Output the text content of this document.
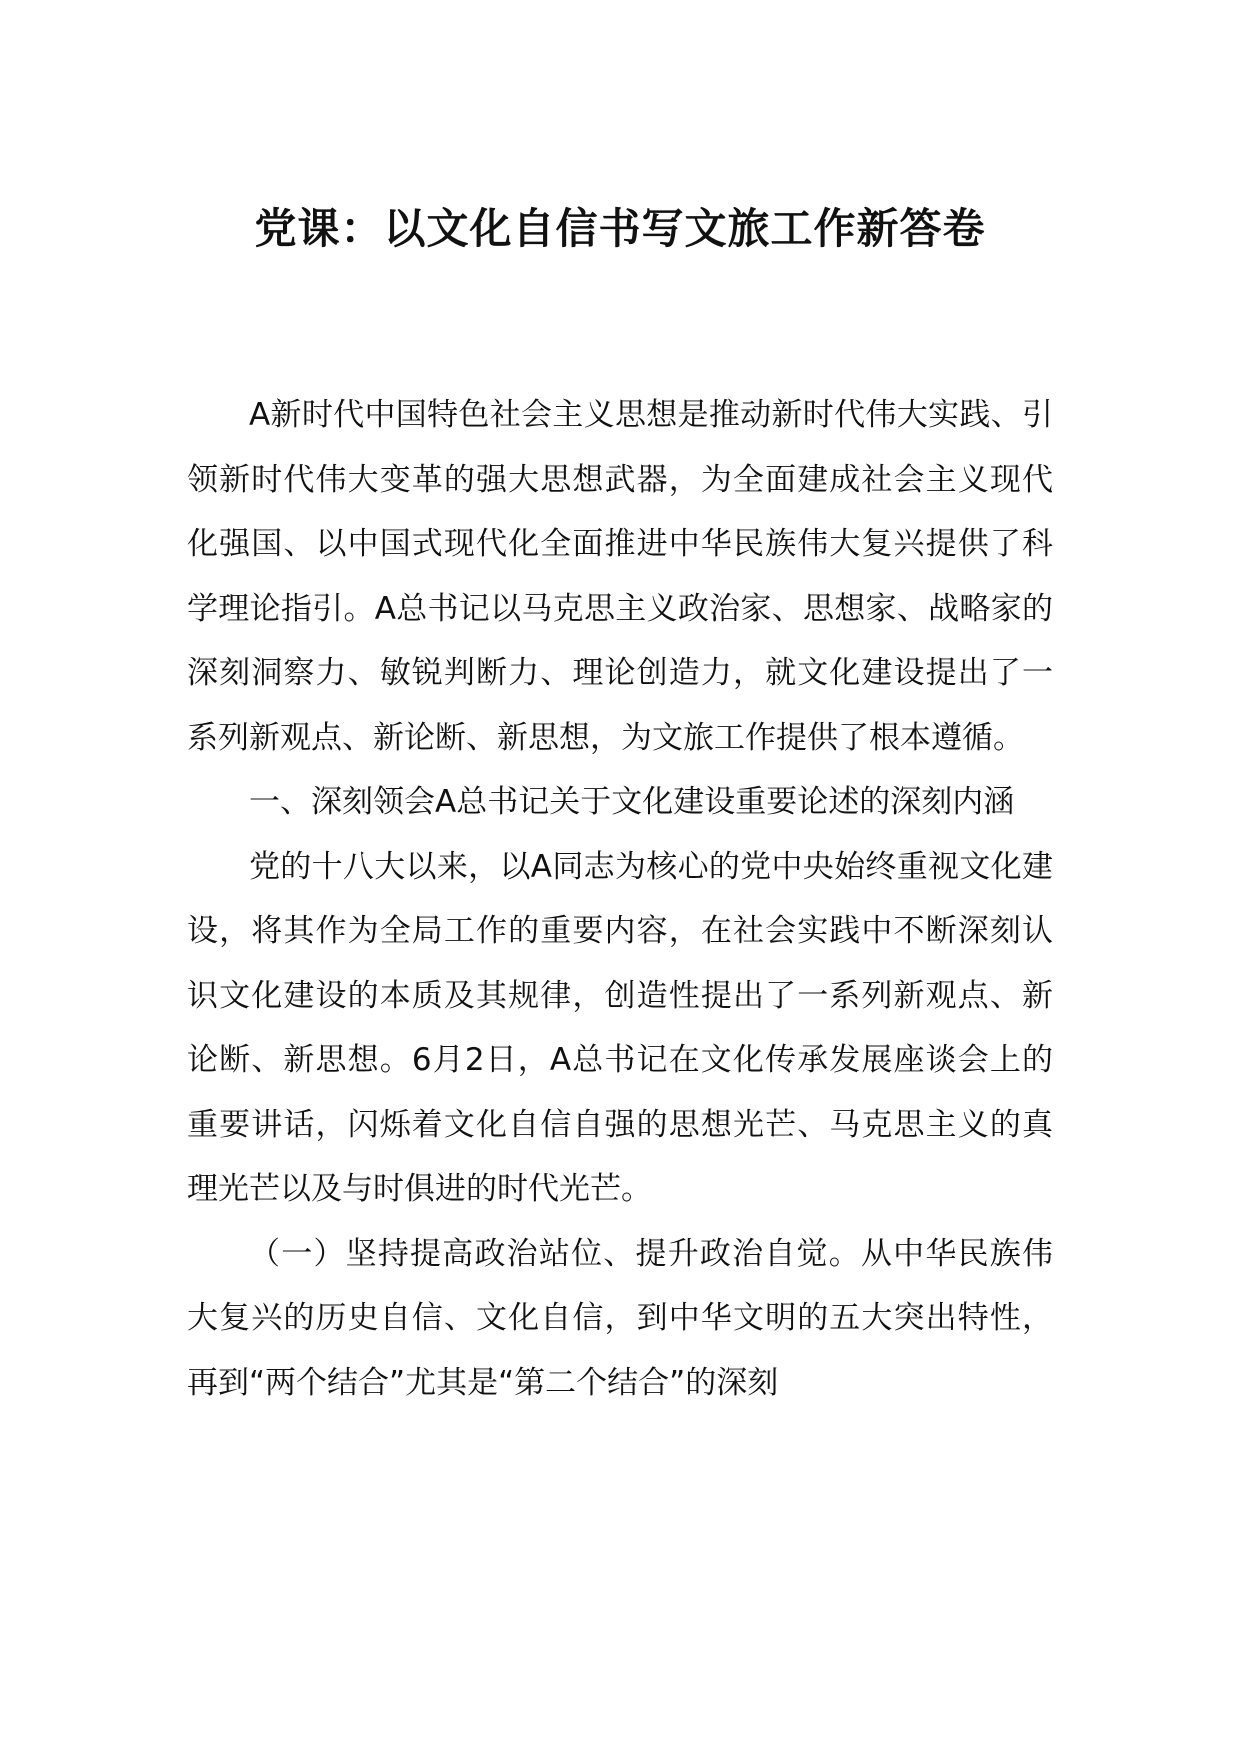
党课：以文化自信书写文旅工作新答卷

A新时代中国特色社会主义思想是推动新时代伟大实践、引领新时代伟大变革的强大思想武器，为全面建成社会主义现代化强国、以中国式现代化全面推进中华民族伟大复兴提供了科学理论指引。A总书记以马克思主义政治家、思想家、战略家的深刻洞察力、敏锐判断力、理论创造力，就文化建设提出了一系列新观点、新论断、新思想，为文旅工作提供了根本遵循。

一、深刻领会A总书记关于文化建设重要论述的深刻内涵

党的十八大以来，以A同志为核心的党中央始终重视文化建设，将其作为全局工作的重要内容，在社会实践中不断深刻认识文化建设的本质及其规律，创造性提出了一系列新观点、新论断、新思想。6月2日，A总书记在文化传承发展座谈会上的重要讲话，闪烁着文化自信自强的思想光芒、马克思主义的真理光芒以及与时俱进的时代光芒。

（一）坚持提高政治站位、提升政治自觉。从中华民族伟大复兴的历史自信、文化自信，到中华文明的五大突出特性，再到“两个结合”尤其是“第二个结合”的深刻
